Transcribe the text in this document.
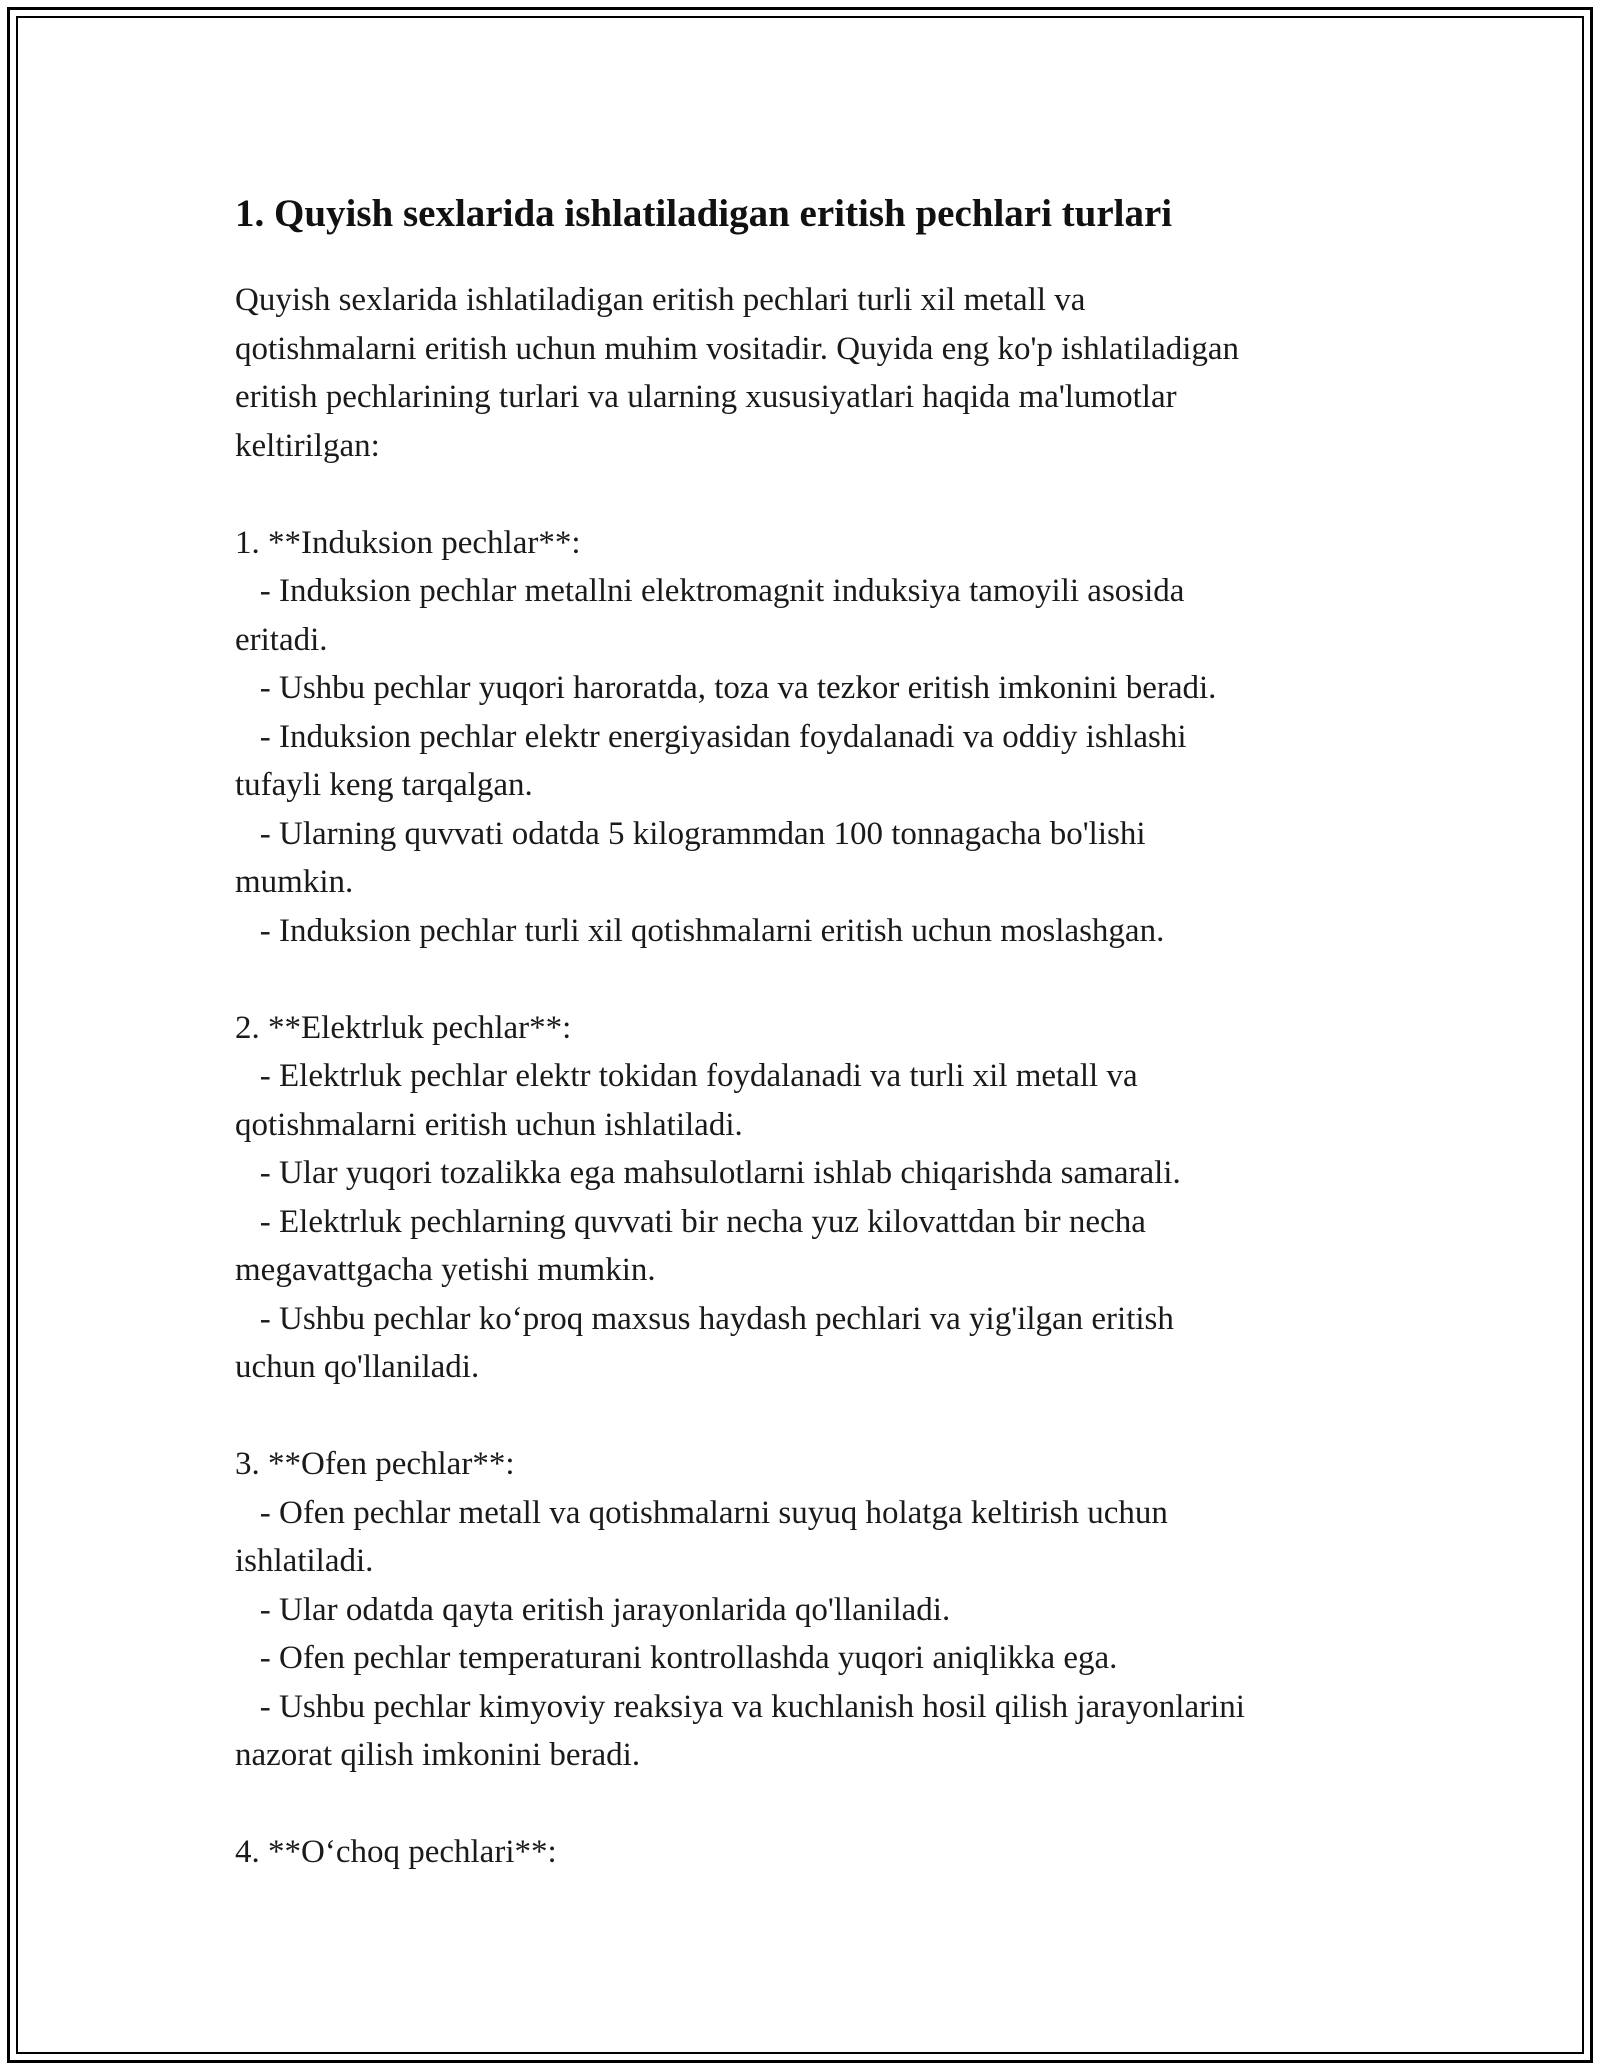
1. Quyish sexlarida ishlatiladigan eritish pechlari turlari

Quyish sexlarida ishlatiladigan eritish pechlari turli xil metall va

qotishmalarni eritish uchun muhim vositadir. Quyida eng ko'p ishlatiladigan

eritish pechlarining turlari va ularning xususiyatlari haqida ma'lumotlar

keltirilgan:

1. **Induksion pechlar**:

- Induksion pechlar metallni elektromagnit induksiya tamoyili asosida

eritadi.

- Ushbu pechlar yuqori haroratda, toza va tezkor eritish imkonini beradi.

- Induksion pechlar elektr energiyasidan foydalanadi va oddiy ishlashi

tufayli keng tarqalgan.

- Ularning quvvati odatda 5 kilogrammdan 100 tonnagacha bo'lishi

mumkin.

- Induksion pechlar turli xil qotishmalarni eritish uchun moslashgan.

2. **Elektrluk pechlar**:

- Elektrluk pechlar elektr tokidan foydalanadi va turli xil metall va

qotishmalarni eritish uchun ishlatiladi.

- Ular yuqori tozalikka ega mahsulotlarni ishlab chiqarishda samarali.

- Elektrluk pechlarning quvvati bir necha yuz kilovattdan bir necha

megavattgacha yetishi mumkin.

- Ushbu pechlar ko‘proq maxsus haydash pechlari va yig'ilgan eritish

uchun qo'llaniladi.

3. **Ofen pechlar**:

- Ofen pechlar metall va qotishmalarni suyuq holatga keltirish uchun

ishlatiladi.

- Ular odatda qayta eritish jarayonlarida qo'llaniladi.

- Ofen pechlar temperaturani kontrollashda yuqori aniqlikka ega.

- Ushbu pechlar kimyoviy reaksiya va kuchlanish hosil qilish jarayonlarini

nazorat qilish imkonini beradi.

4. **O‘choq pechlari**:
